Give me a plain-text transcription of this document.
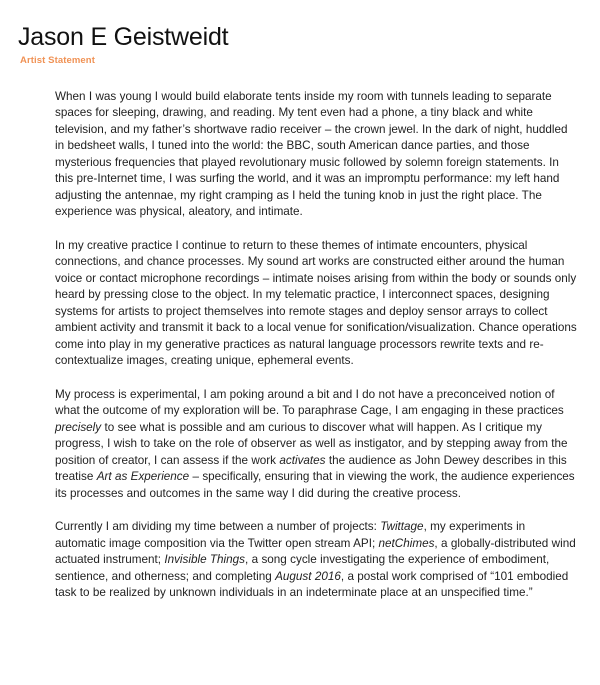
Jason E Geistweidt
Artist Statement

When I was young I would build elaborate tents inside my room with tunnels leading to separate spaces for sleeping, drawing, and reading. My tent even had a phone, a tiny black and white television, and my father’s shortwave radio receiver – the crown jewel. In the dark of night, huddled in bedsheet walls, I tuned into the world: the BBC, south American dance parties, and those mysterious frequencies that played revolutionary music followed by solemn foreign statements. In this pre-Internet time, I was surfing the world, and it was an impromptu performance: my left hand adjusting the antennae, my right cramping as I held the tuning knob in just the right place. The experience was physical, aleatory, and intimate.

In my creative practice I continue to return to these themes of intimate encounters, physical connections, and chance processes. My sound art works are constructed either around the human voice or contact microphone recordings – intimate noises arising from within the body or sounds only heard by pressing close to the object. In my telematic practice, I interconnect spaces, designing systems for artists to project themselves into remote stages and deploy sensor arrays to collect ambient activity and transmit it back to a local venue for sonification/visualization. Chance operations come into play in my generative practices as natural language processors rewrite texts and re-contextualize images, creating unique, ephemeral events.

My process is experimental, I am poking around a bit and I do not have a preconceived notion of what the outcome of my exploration will be. To paraphrase Cage, I am engaging in these practices precisely to see what is possible and am curious to discover what will happen. As I critique my progress, I wish to take on the role of observer as well as instigator, and by stepping away from the position of creator, I can assess if the work activates the audience as John Dewey describes in this treatise Art as Experience – specifically, ensuring that in viewing the work, the audience experiences its processes and outcomes in the same way I did during the creative process.

Currently I am dividing my time between a number of projects: Twittage, my experiments in automatic image composition via the Twitter open stream API; netChimes, a globally-distributed wind actuated instrument; Invisible Things, a song cycle investigating the experience of embodiment, sentience, and otherness; and completing August 2016, a postal work comprised of “101 embodied task to be realized by unknown individuals in an indeterminate place at an unspecified time.”
